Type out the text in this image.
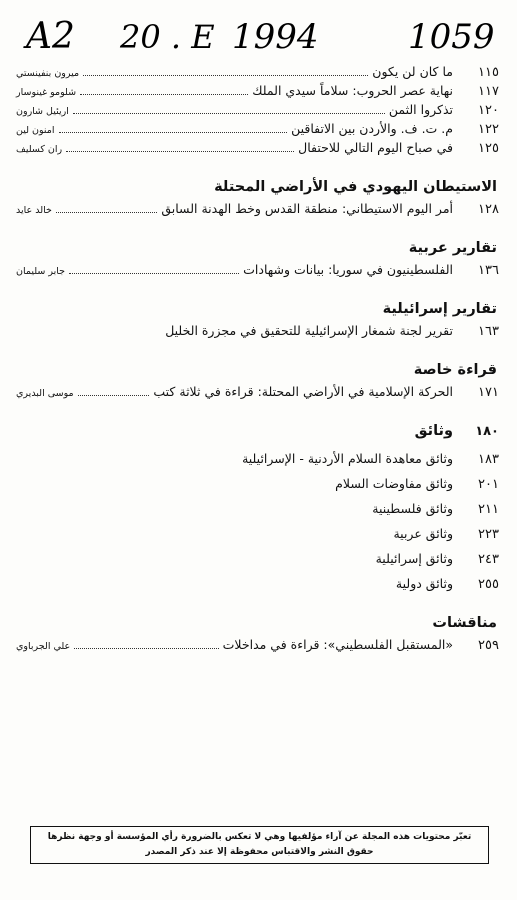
A2 20 . E 1994	1059
١١٥
ما كان لن يكون
ميرون بنفينستي
١١٧
نهاية عصر الحروب: سلاماً سيدي الملك
شلومو غينوسار
١٢٠
تذكروا الثمن
اريئيل شارون
١٢٢
م. ت. ف. والأردن بين الاتفاقين
امنون لين
١٢٥
في صباح اليوم التالي للاحتفال
ران كسليف
الاستيطان اليهودي في الأراضي المحتلة
١٢٨
أمر اليوم الاستيطاني: منطقة القدس وخط الهدنة السابق
خالد عايد
تقارير عربية
١٣٦
الفلسطينيون في سوريا: بيانات وشهادات
جابر سليمان
تقارير إسرائيلية
١٦٣
تقرير لجنة شمغار الإسرائيلية للتحقيق في مجزرة الخليل
قراءة خاصة
١٧١
الحركة الإسلامية في الأراضي المحتلة: قراءة في ثلاثة كتب
موسى البديري
١٨٠
وثائق
١٨٣
وثائق معاهدة السلام الأردنية - الإسرائيلية
٢٠١
وثائق مفاوضات السلام
٢١١
وثائق فلسطينية
٢٢٣
وثائق عربية
٢٤٣
وثائق إسرائيلية
٢٥٥
وثائق دولية
مناقشات
٢٥٩
«المستقبل الفلسطيني»: قراءة في مداخلات
علي الجرباوي
تعبّر محتويات هذه المجلة عن آراء مؤلفيها وهي لا تعكس بالضرورة رأي المؤسسة أو وجهة نظرها
حقوق النشر والاقتباس محفوظة إلا عند ذكر المصدر
